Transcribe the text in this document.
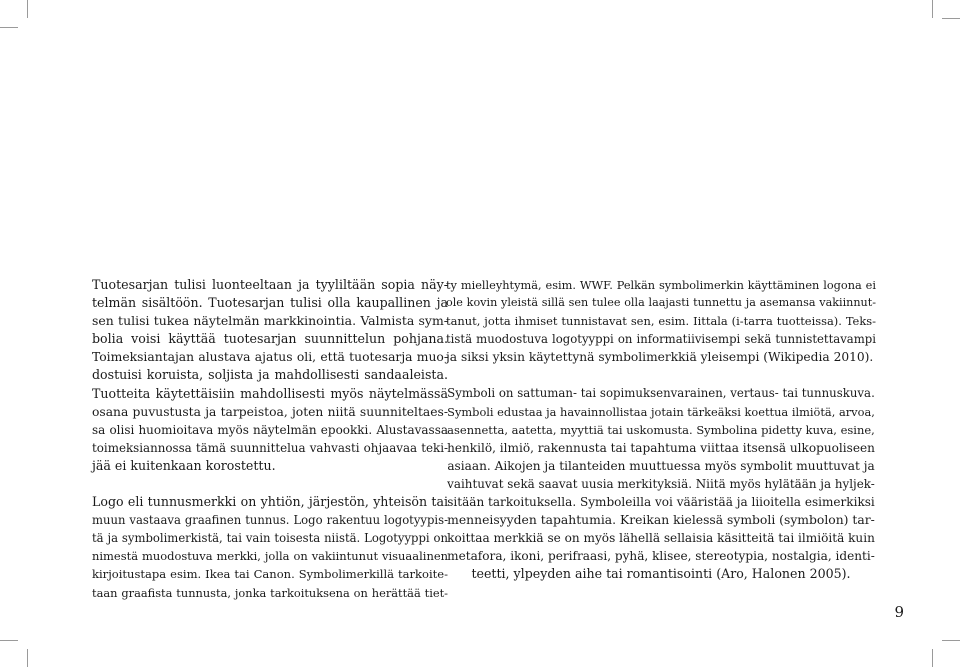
Tuotesarjan tulisi luonteeltaan ja tyyliltään sopia näy-
telmän sisältöön. Tuotesarjan tulisi olla kaupallinen ja
sen tulisi tukea näytelmän markkinointia. Valmista sym-
bolia voisi käyttää tuotesarjan suunnittelun pohjana.
Toimeksiantajan alustava ajatus oli, että tuotesarja muo-
dostuisi koruista, soljista ja mahdollisesti sandaaleista.
Tuotteita käytettäisiin mahdollisesti myös näytelmässä
osana puvustusta ja tarpeistoa, joten niitä suunniteltaes-
sa olisi huomioitava myös näytelmän epookki. Alustavassa
toimeksiannossa tämä suunnittelua vahvasti ohjaavaa teki-
jää ei kuitenkaan korostettu.
Logo eli tunnusmerkki on yhtiön, järjestön, yhteisön tai
muun vastaava graafinen tunnus. Logo rakentuu logotyypis-
tä ja symbolimerkistä, tai vain toisesta niistä. Logotyyppi on
nimestä muodostuva merkki, jolla on vakiintunut visuaalinen
kirjoitustapa esim. Ikea tai Canon. Symbolimerkillä tarkoite-
taan graafista tunnusta, jonka tarkoituksena on herättää tiet-
ty mielleyhtymä, esim. WWF. Pelkän symbolimerkin käyttäminen logona ei
ole kovin yleistä sillä sen tulee olla laajasti tunnettu ja asemansa vakiinnut-
tanut, jotta ihmiset tunnistavat sen, esim. Iittala (i-tarra tuotteissa). Teks-
tistä muodostuva logotyyppi on informatiivisempi sekä tunnistettavampi
ja siksi yksin käytettynä symbolimerkkiä yleisempi (Wikipedia 2010).
Symboli on sattuman- tai sopimuksenvarainen, vertaus- tai tunnuskuva.
Symboli edustaa ja havainnollistaa jotain tärkeäksi koettua ilmiötä, arvoa,
asennetta, aatetta, myyttiä tai uskomusta. Symbolina pidetty kuva, esine,
henkilö, ilmiö, rakennusta tai tapahtuma viittaa itsensä ulkopuoliseen
asiaan. Aikojen ja tilanteiden muuttuessa myös symbolit muuttuvat ja
vaihtuvat sekä saavat uusia merkityksiä. Niitä myös hylätään ja hyljek-
sitään tarkoituksella. Symboleilla voi vääristää ja liioitella esimerkiksi
menneisyyden tapahtumia. Kreikan kielessä symboli (symbolon) tar-
koittaa merkkiä se on myös lähellä sellaisia käsitteitä tai ilmiöitä kuin
metafora, ikoni, perifraasi, pyhä, klisee, stereotypia, nostalgia, identi-
teetti, ylpeyden aihe tai romantisointi (Aro, Halonen 2005).
9
